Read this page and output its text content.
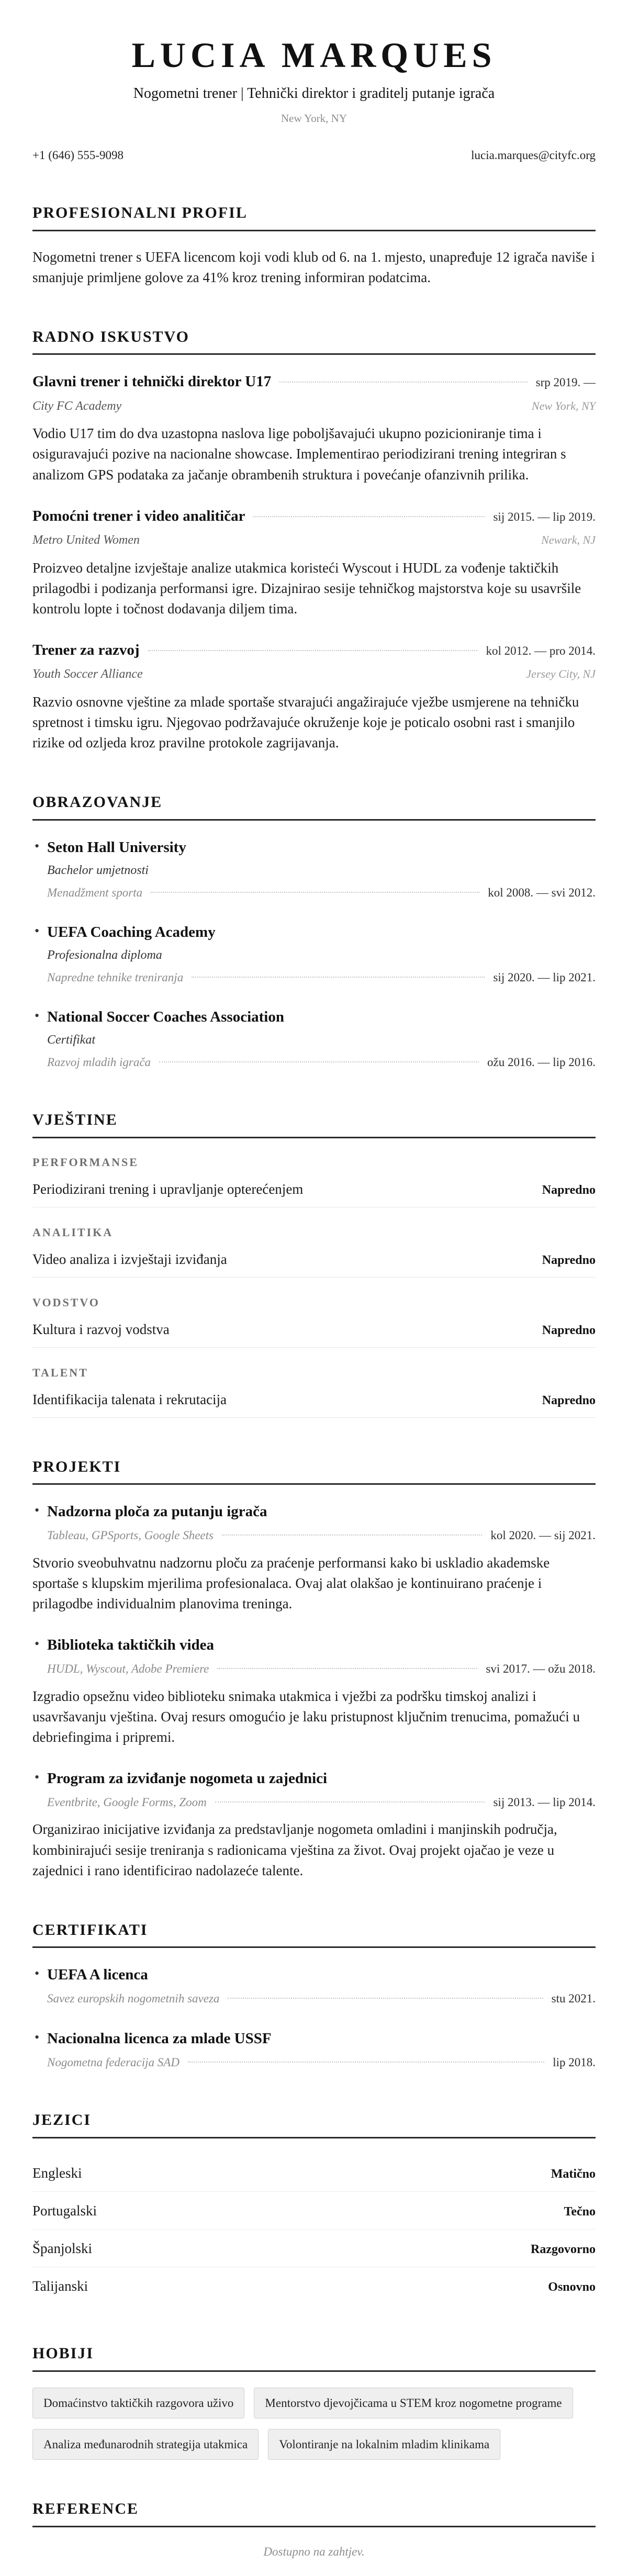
LUCIA MARQUES
Nogometni trener | Tehnički direktor i graditelj putanje igrača
New York, NY
+1 (646) 555-9098	lucia.marques@cityfc.org
PROFESIONALNI PROFIL

Nogometni trener s UEFA licencom koji vodi klub od 6. na 1. mjesto, unapređuje 12 igrača naviše i smanjuje primljene golove za 41% kroz trening informiran podatcima.

RADNO ISKUSTVO
Glavni trener i tehnički direktor U17	srp 2019. —
City FC Academy	New York, NY

Vodio U17 tim do dva uzastopna naslova lige poboljšavajući ukupno pozicioniranje tima i osiguravajući pozive na nacionalne showcase. Implementirao periodizirani trening integriran s analizom GPS podataka za jačanje obrambenih struktura i povećanje ofanzivnih prilika.

Pomoćni trener i video analitičar	sij 2015. — lip 2019.
Metro United Women	Newark, NJ

Proizveo detaljne izvještaje analize utakmica koristeći Wyscout i HUDL za vođenje taktičkih prilagodbi i podizanja performansi igre. Dizajnirao sesije tehničkog majstorstva koje su usavršile kontrolu lopte i točnost dodavanja diljem tima.

Trener za razvoj	kol 2012. — pro 2014.
Youth Soccer Alliance	Jersey City, NJ

Razvio osnovne vještine za mlade sportaše stvarajući angažirajuće vježbe usmjerene na tehničku spretnost i timsku igru. Njegovao podržavajuće okruženje koje je poticalo osobni rast i smanjilo rizike od ozljeda kroz pravilne protokole zagrijavanja.

OBRAZOVANJE
• Seton Hall University
Bachelor umjetnosti
Menadžment sporta	kol 2008. — svi 2012.
• UEFA Coaching Academy
Profesionalna diploma
Napredne tehnike treniranja	sij 2020. — lip 2021.
• National Soccer Coaches Association
Certifikat
Razvoj mladih igrača	ožu 2016. — lip 2016.
VJEŠTINE
PERFORMANSE
Periodizirani trening i upravljanje opterećenjem	Napredno
ANALITIKA
Video analiza i izvještaji izviđanja	Napredno
VODSTVO
Kultura i razvoj vodstva	Napredno
TALENT
Identifikacija talenata i rekrutacija	Napredno
PROJEKTI
• Nadzorna ploča za putanju igrača
Tableau, GPSports, Google Sheets	kol 2020. — sij 2021.

Stvorio sveobuhvatnu nadzornu ploču za praćenje performansi kako bi uskladio akademske sportaše s klupskim mjerilima profesionalaca. Ovaj alat olakšao je kontinuirano praćenje i prilagodbe individualnim planovima treninga.

• Biblioteka taktičkih videa
HUDL, Wyscout, Adobe Premiere	svi 2017. — ožu 2018.

Izgradio opsežnu video biblioteku snimaka utakmica i vježbi za podršku timskoj analizi i usavršavanju vještina. Ovaj resurs omogućio je laku pristupnost ključnim trenucima, pomažući u debriefingima i pripremi.

• Program za izviđanje nogometa u zajednici
Eventbrite, Google Forms, Zoom	sij 2013. — lip 2014.

Organizirao inicijative izviđanja za predstavljanje nogometa omladini i manjinskih područja, kombinirajući sesije treniranja s radionicama vještina za život. Ovaj projekt ojačao je veze u zajednici i rano identificirao nadolazeće talente.

CERTIFIKATI
• UEFA A licenca
Savez europskih nogometnih saveza	stu 2021.
• Nacionalna licenca za mlade USSF
Nogometna federacija SAD	lip 2018.
JEZICI
Engleski	Matično
Portugalski	Tečno
Španjolski	Razgovorno
Talijanski	Osnovno
HOBIJI
Domaćinstvo taktičkih razgovora uživo	Mentorstvo djevojčicama u STEM kroz nogometne programe
Analiza međunarodnih strategija utakmica	Volontiranje na lokalnim mladim klinikama
REFERENCE
Dostupno na zahtjev.
